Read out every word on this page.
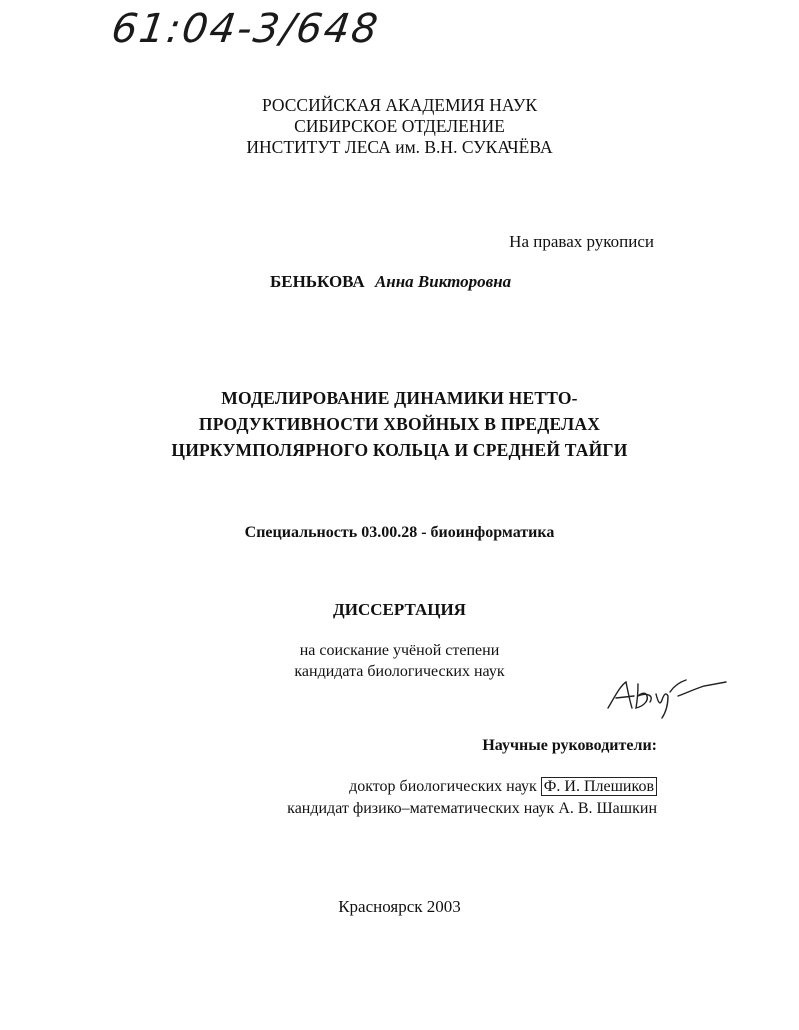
61:04-3/648
РОССИЙСКАЯ АКАДЕМИЯ НАУК
СИБИРСКОЕ ОТДЕЛЕНИЕ
ИНСТИТУТ ЛЕСА им. В.Н. СУКАЧЁВА
На правах рукописи
БЕНЬКОВА Анна Викторовна
МОДЕЛИРОВАНИЕ ДИНАМИКИ НЕТТО-
ПРОДУКТИВНОСТИ ХВОЙНЫХ В ПРЕДЕЛАХ
ЦИРКУМПОЛЯРНОГО КОЛЬЦА И СРЕДНЕЙ ТАЙГИ
Специальность 03.00.28 - биоинформатика
ДИССЕРТАЦИЯ
на соискание учёной степени
кандидата биологических наук
Научные руководители:
доктор биологических наук Ф. И. Плешиков
кандидат физико–математических наук А. В. Шашкин
Красноярск 2003
